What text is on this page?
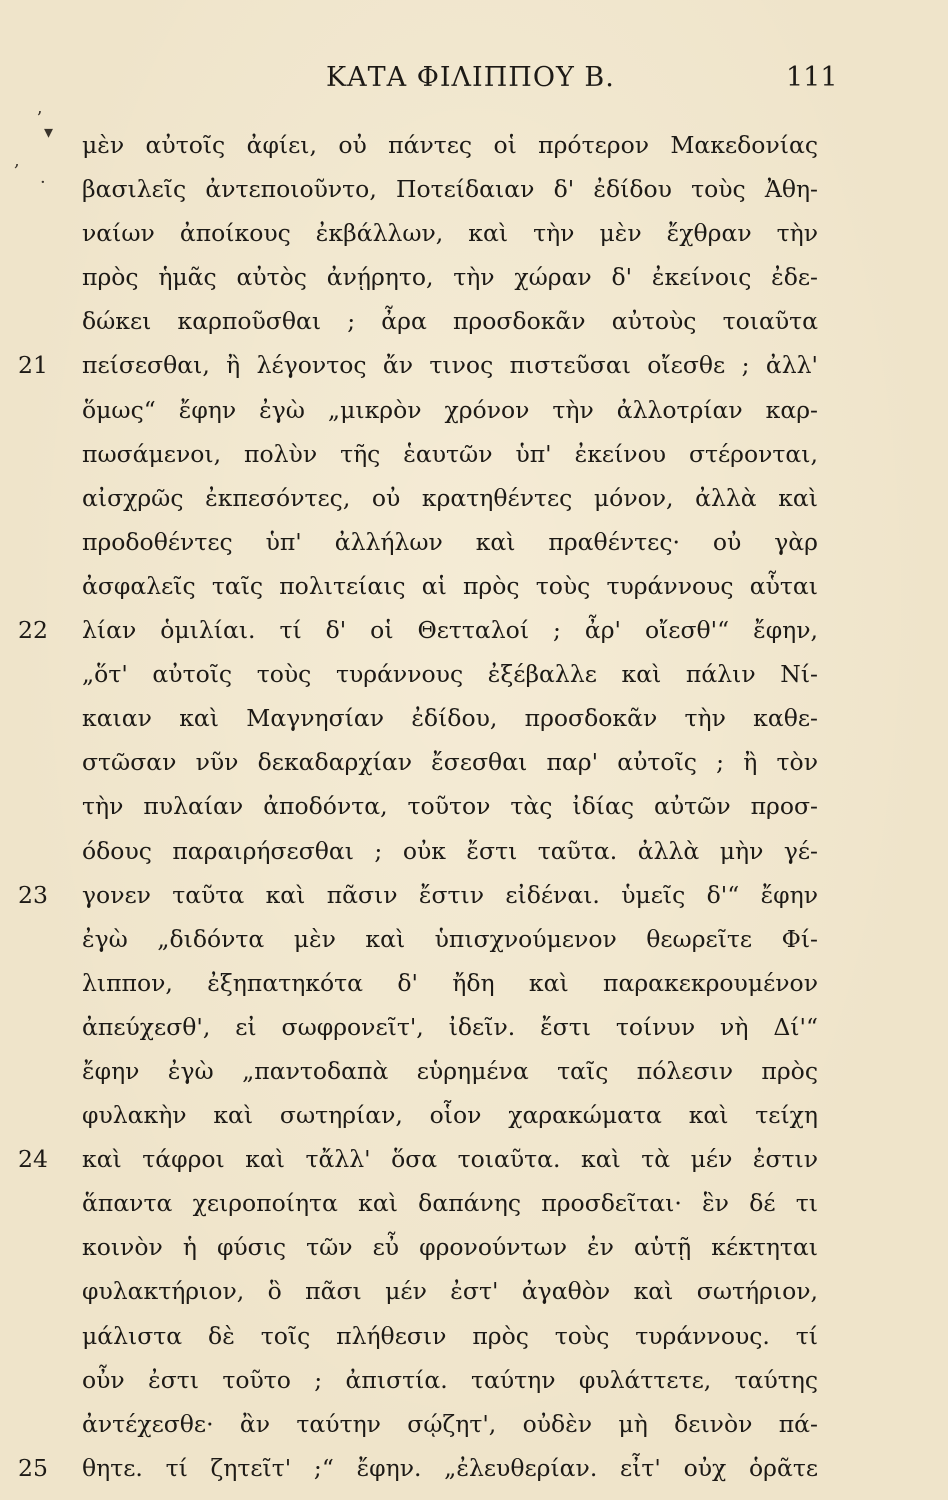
ΚΑΤΑ ΦΙΛΙΠΠΟΥ Β.	111
ʼ
▾
,
·
μὲν αὐτοῖς ἀφίει, οὐ πάντες οἱ πρότερον Μακεδονίας
βασιλεῖς ἀντεποιοῦντο, Ποτείδαιαν δ' ἐδίδου τοὺς Ἀθη-
ναίων ἀποίκους ἐκβάλλων, καὶ τὴν μὲν ἔχθραν τὴν
πρὸς ἡμᾶς αὐτὸς ἀνῄρητο, τὴν χώραν δ' ἐκείνοις ἐδε-
δώκει καρποῦσθαι ; ἆρα προσδοκᾶν αὐτοὺς τοιαῦτα
21	πείσεσθαι, ἢ λέγοντος ἄν τινος πιστεῦσαι οἴεσθε ; ἀλλ'
ὅμως“ ἔφην ἐγὼ „μικρὸν χρόνον τὴν ἀλλοτρίαν καρ-
πωσάμενοι, πολὺν τῆς ἑαυτῶν ὑπ' ἐκείνου στέρονται,
αἰσχρῶς ἐκπεσόντες, οὐ κρατηθέντες μόνον, ἀλλὰ καὶ
προδοθέντες ὑπ' ἀλλήλων καὶ πραθέντες· οὐ γὰρ
ἀσφαλεῖς ταῖς πολιτείαις αἱ πρὸς τοὺς τυράννους αὗται
22	λίαν ὁμιλίαι. τί δ' οἱ Θετταλοί ; ἆρ' οἴεσθ'“ ἔφην,
„ὅτ' αὐτοῖς τοὺς τυράννους ἐξέβαλλε καὶ πάλιν Νί-
καιαν καὶ Μαγνησίαν ἐδίδου, προσδοκᾶν τὴν καθε-
στῶσαν νῦν δεκαδαρχίαν ἔσεσθαι παρ' αὐτοῖς ; ἢ τὸν
τὴν πυλαίαν ἀποδόντα, τοῦτον τὰς ἰδίας αὐτῶν προσ-
όδους παραιρήσεσθαι ; οὐκ ἔστι ταῦτα. ἀλλὰ μὴν γέ-
23	γονεν ταῦτα καὶ πᾶσιν ἔστιν εἰδέναι. ὑμεῖς δ'“ ἔφην
ἐγὼ „διδόντα μὲν καὶ ὑπισχνούμενον θεωρεῖτε Φί-
λιππον, ἐξηπατηκότα δ' ἤδη καὶ παρακεκρουμένον
ἀπεύχεσθ', εἰ σωφρονεῖτ', ἰδεῖν. ἔστι τοίνυν νὴ Δί'“
ἔφην ἐγὼ „παντοδαπὰ εὑρημένα ταῖς πόλεσιν πρὸς
φυλακὴν καὶ σωτηρίαν, οἷον χαρακώματα καὶ τείχη
24	καὶ τάφροι καὶ τἄλλ' ὅσα τοιαῦτα. καὶ τὰ μέν ἐστιν
ἅπαντα χειροποίητα καὶ δαπάνης προσδεῖται· ἓν δέ τι
κοινὸν ἡ φύσις τῶν εὖ φρονούντων ἐν αὑτῇ κέκτηται
φυλακτήριον, ὃ πᾶσι μέν ἐστ' ἀγαθὸν καὶ σωτήριον,
μάλιστα δὲ τοῖς πλήθεσιν πρὸς τοὺς τυράννους. τί
οὖν ἐστι τοῦτο ; ἀπιστία. ταύτην φυλάττετε, ταύτης
ἀντέχεσθε· ἂν ταύτην σῴζητ', οὐδὲν μὴ δεινὸν πά-
25	θητε. τί ζητεῖτ' ;“ ἔφην. „ἐλευθερίαν. εἶτ' οὐχ ὁρᾶτε
